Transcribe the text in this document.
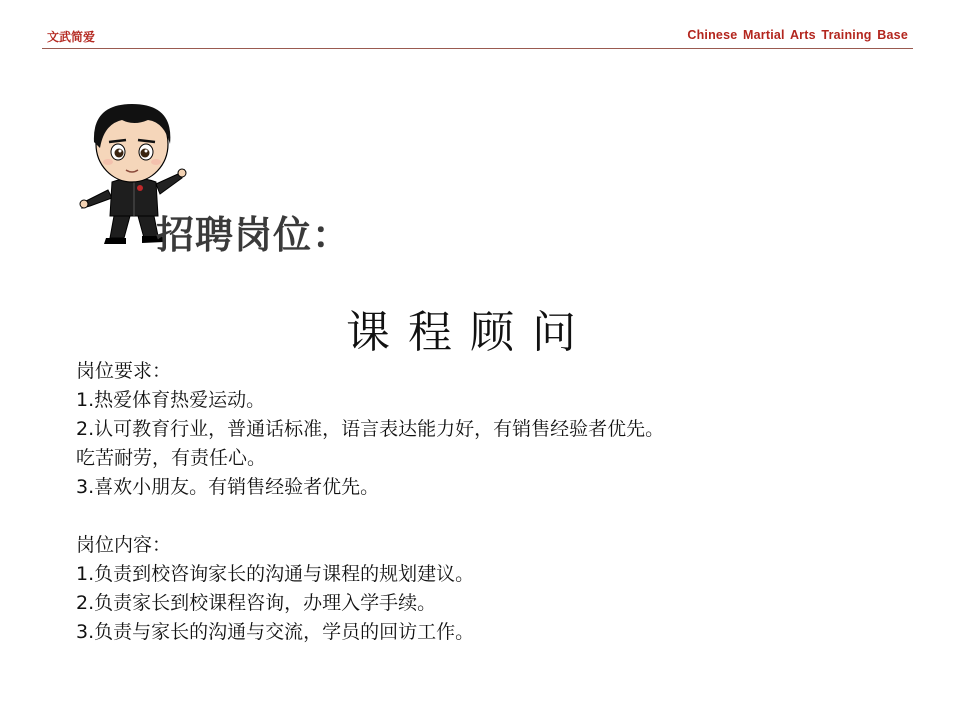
文武简爱	Chinese Martial Arts Training Base
招聘岗位：
课程顾问
岗位要求：
1.热爱体育热爱运动。
2.认可教育行业，普通话标准，语言表达能力好，有销售经验者优先。
吃苦耐劳，有责任心。
3.喜欢小朋友。有销售经验者优先。
岗位内容：
1.负责到校咨询家长的沟通与课程的规划建议。
2.负责家长到校课程咨询，办理入学手续。
3.负责与家长的沟通与交流，学员的回访工作。
